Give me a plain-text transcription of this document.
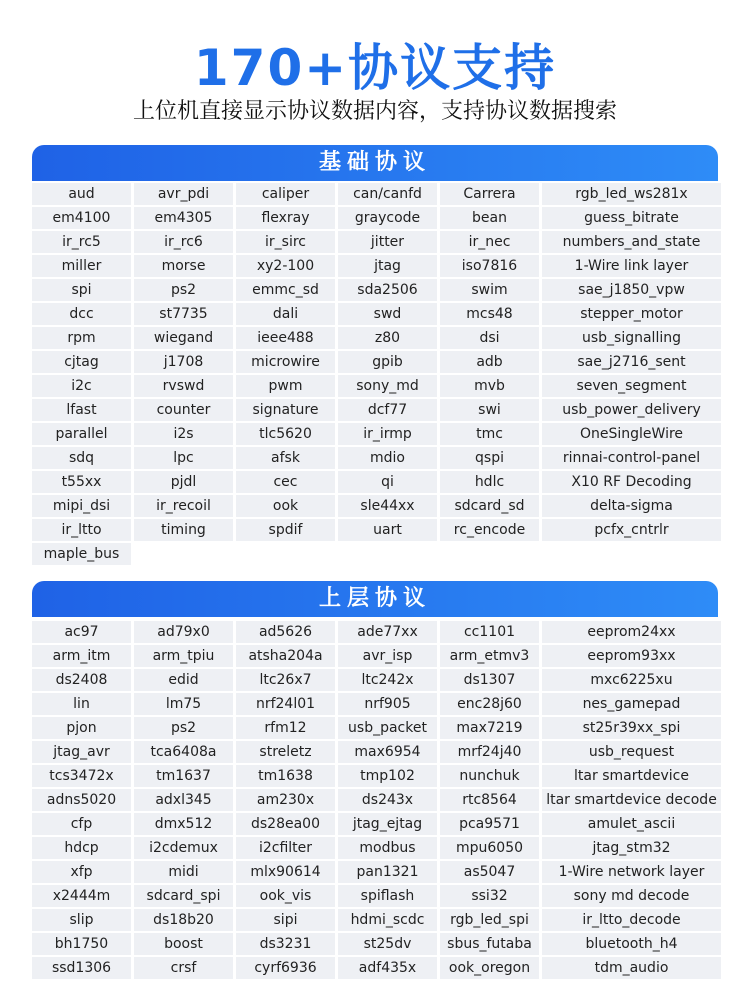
170+协议支持
上位机直接显示协议数据内容，支持协议数据搜索
基础协议
aud	avr_pdi	caliper	can/canfd	Carrera	rgb_led_ws281x
em4100	em4305	flexray	graycode	bean	guess_bitrate
ir_rc5	ir_rc6	ir_sirc	jitter	ir_nec	numbers_and_state
miller	morse	xy2-100	jtag	iso7816	1-Wire link layer
spi	ps2	emmc_sd	sda2506	swim	sae_j1850_vpw
dcc	st7735	dali	swd	mcs48	stepper_motor
rpm	wiegand	ieee488	z80	dsi	usb_signalling
cjtag	j1708	microwire	gpib	adb	sae_j2716_sent
i2c	rvswd	pwm	sony_md	mvb	seven_segment
lfast	counter	signature	dcf77	swi	usb_power_delivery
parallel	i2s	tlc5620	ir_irmp	tmc	OneSingleWire
sdq	lpc	afsk	mdio	qspi	rinnai-control-panel
t55xx	pjdl	cec	qi	hdlc	X10 RF Decoding
mipi_dsi	ir_recoil	ook	sle44xx	sdcard_sd	delta-sigma
ir_ltto	timing	spdif	uart	rc_encode	pcfx_cntrlr
maple_bus
上层协议
ac97	ad79x0	ad5626	ade77xx	cc1101	eeprom24xx
arm_itm	arm_tpiu	atsha204a	avr_isp	arm_etmv3	eeprom93xx
ds2408	edid	ltc26x7	ltc242x	ds1307	mxc6225xu
lin	lm75	nrf24l01	nrf905	enc28j60	nes_gamepad
pjon	ps2	rfm12	usb_packet	max7219	st25r39xx_spi
jtag_avr	tca6408a	streletz	max6954	mrf24j40	usb_request
tcs3472x	tm1637	tm1638	tmp102	nunchuk	ltar smartdevice
adns5020	adxl345	am230x	ds243x	rtc8564	ltar smartdevice decode
cfp	dmx512	ds28ea00	jtag_ejtag	pca9571	amulet_ascii
hdcp	i2cdemux	i2cfilter	modbus	mpu6050	jtag_stm32
xfp	midi	mlx90614	pan1321	as5047	1-Wire network layer
x2444m	sdcard_spi	ook_vis	spiflash	ssi32	sony md decode
slip	ds18b20	sipi	hdmi_scdc	rgb_led_spi	ir_ltto_decode
bh1750	boost	ds3231	st25dv	sbus_futaba	bluetooth_h4
ssd1306	crsf	cyrf6936	adf435x	ook_oregon	tdm_audio
